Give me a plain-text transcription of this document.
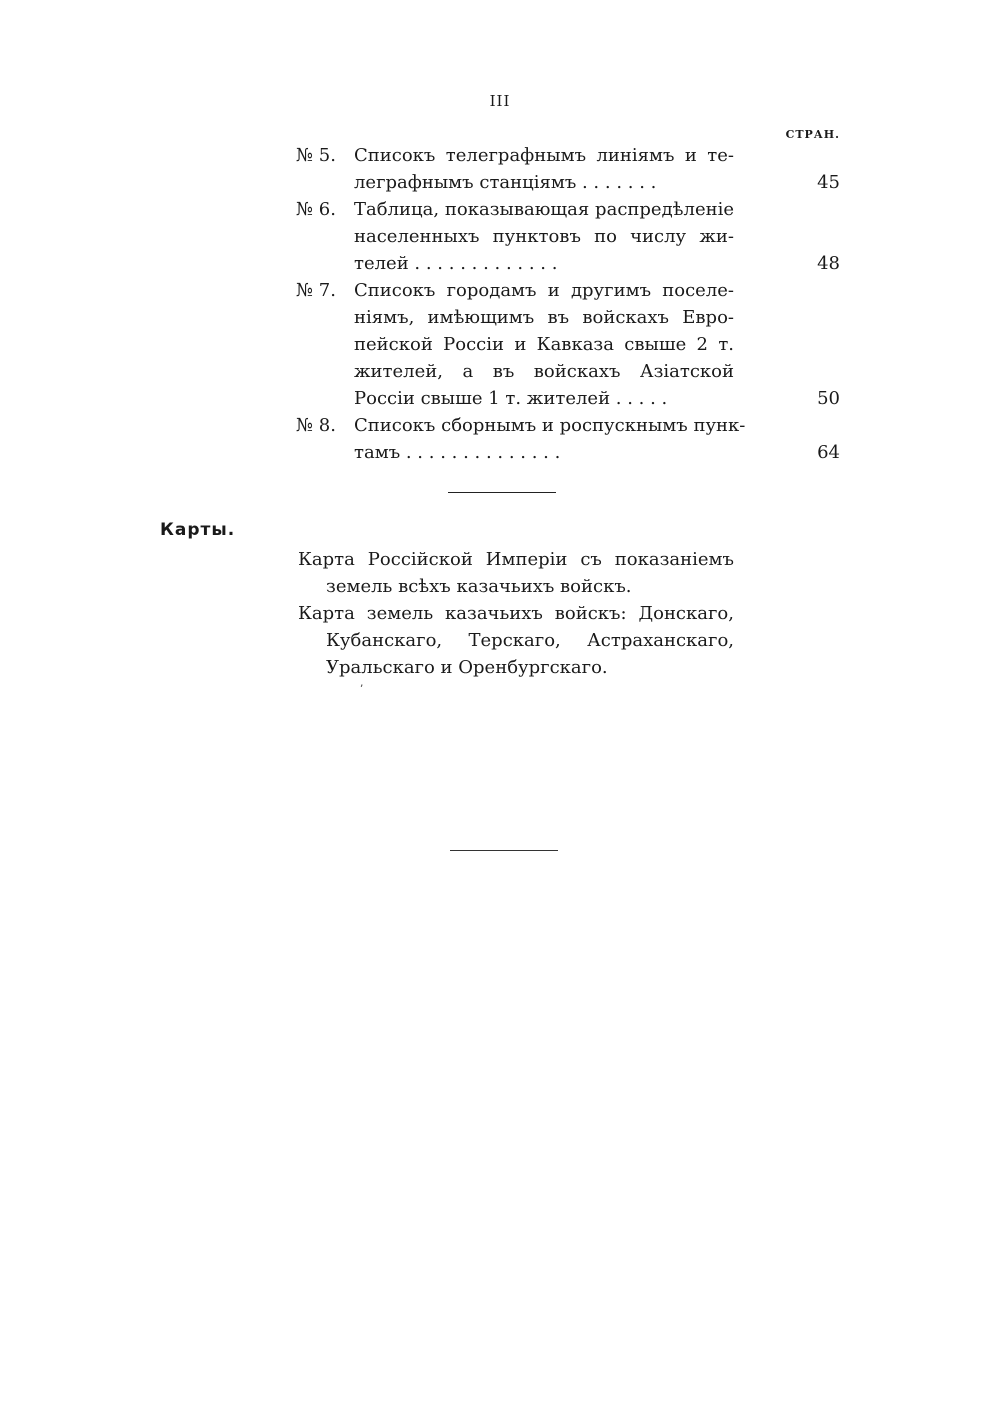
III
СТРАН.
№ 5.	Списокъ телеграфнымъ линіямъ и те-
леграфнымъ станціямъ . . . . . . .	45
№ 6.	Таблица, показывающая распредѣленіе
населенныхъ пунктовъ по числу жи-
телей . . . . . . . . . . . . .	48
№ 7.	Списокъ городамъ и другимъ поселе-
ніямъ, имѣющимъ въ войскахъ Евро-
пейской Россіи и Кавказа свыше 2 т.
жителей, а въ войскахъ Азіатской
Россіи свыше 1 т. жителей . . . . .	50
№ 8.	Списокъ сборнымъ и роспускнымъ пунк-
тамъ . . . . . . . . . . . . . .	64
Карты.
Карта Россійской Имперіи съ показаніемъ
земель всѣхъ казачьихъ войскъ.
Карта земель казачьихъ войскъ: Донскаго,
Кубанскаго, Терскаго, Астраханскаго,
Уральскаго и Оренбургскаго.
’
